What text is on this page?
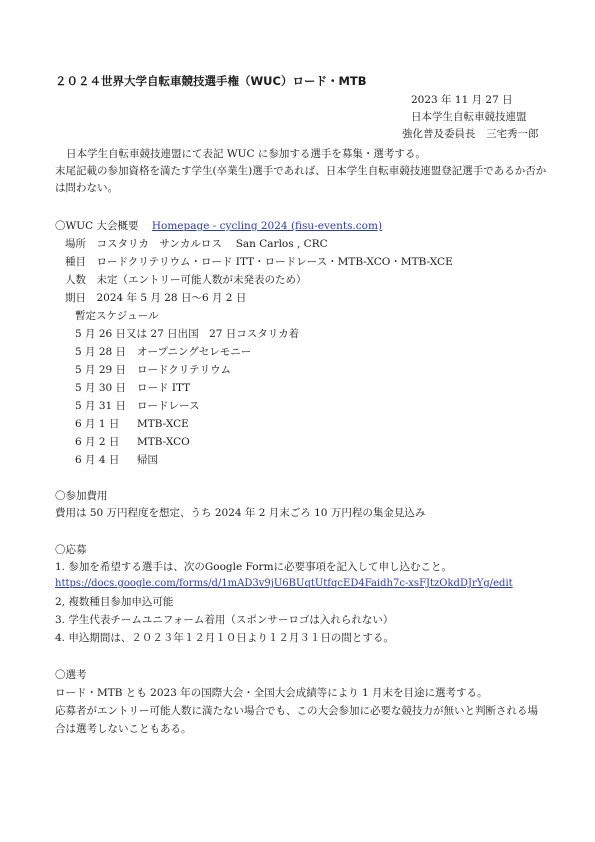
２０２４世界大学自転車競技選手権（WUC）ロード・MTB
2023 年 11 月 27 日
日本学生自転車競技連盟
強化普及委員長　三宅秀一郎
日本学生自転車競技連盟にて表記 WUC に参加する選手を募集・選考する。
末尾記載の参加資格を満たす学生(卒業生)選手であれば、日本学生自転車競技連盟登記選手であるか否か
は問わない。
〇WUC 大会概要 Homepage - cycling 2024 (fisu-events.com)
場所　コスタリカ　サンカルロス　 San Carlos , CRC
種目　ロードクリテリウム・ロード ITT・ロードレース・MTB-XCO・MTB-XCE
人数　未定（エントリー可能人数が未発表のため）
期日　2024 年 5 月 28 日～6 月 2 日
暫定スケジュール
5 月 26 日又は 27 日出国　27 日コスタリカ着
5 月 28 日 オープニングセレモニー
5 月 29 日 ロードクリテリウム
5 月 30 日 ロード ITT
5 月 31 日 ロードレース
6 月 1 日 MTB-XCE
6 月 2 日 MTB-XCO
6 月 4 日 帰国
〇参加費用
費用は 50 万円程度を想定、うち 2024 年 2 月末ごろ 10 万円程の集金見込み
〇応募
1. 参加を希望する選手は、次のGoogle Formに必要事項を記入して申し込むこと。
https://docs.google.com/forms/d/1mAD3v9jU6BUqtUtfqcED4Faidh7c-xsFJtzOkdDJrYg/edit
2, 複数種目参加申込可能
3. 学生代表チームユニフォーム着用（スポンサーロゴは入れられない）
4. 申込期間は、２０２３年１２月１０日より１２月３１日の間とする。
〇選考
ロード・MTB とも 2023 年の国際大会・全国大会成績等により 1 月末を目途に選考する。
応募者がエントリー可能人数に満たない場合でも、この大会参加に必要な競技力が無いと判断される場
合は選考しないこともある。
